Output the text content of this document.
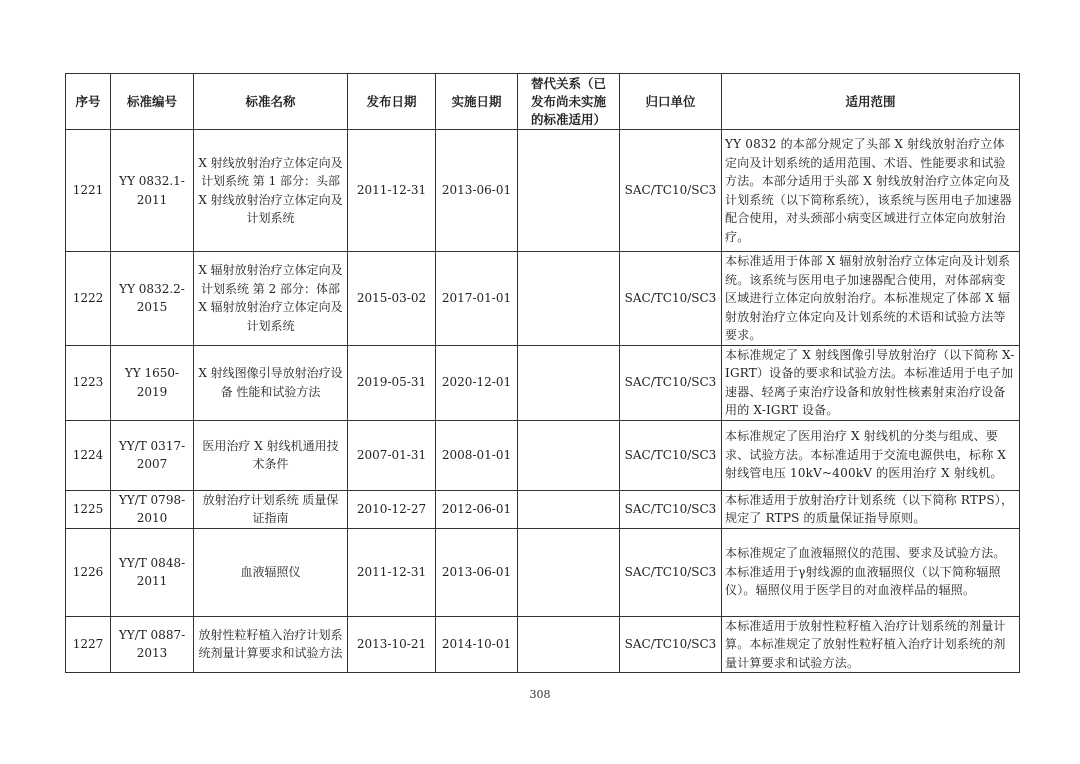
序号	标准编号	标准名称	发布日期	实施日期	替代关系（已发布尚未实施的标准适用）	归口单位	适用范围
1221	YY 0832.1-2011	X 射线放射治疗立体定向及计划系统 第 1 部分：头部 X 射线放射治疗立体定向及计划系统	2011-12-31	2013-06-01		SAC/TC10/SC3	YY 0832 的本部分规定了头部 X 射线放射治疗立体定向及计划系统的适用范围、术语、性能要求和试验方法。本部分适用于头部 X 射线放射治疗立体定向及计划系统（以下简称系统），该系统与医用电子加速器配合使用，对头颈部小病变区域进行立体定向放射治疗。
1222	YY 0832.2-2015	X 辐射放射治疗立体定向及计划系统 第 2 部分：体部 X 辐射放射治疗立体定向及计划系统	2015-03-02	2017-01-01		SAC/TC10/SC3	本标准适用于体部 X 辐射放射治疗立体定向及计划系统。该系统与医用电子加速器配合使用，对体部病变区域进行立体定向放射治疗。本标准规定了体部 X 辐射放射治疗立体定向及计划系统的术语和试验方法等要求。
1223	YY 1650-2019	X 射线图像引导放射治疗设备 性能和试验方法	2019-05-31	2020-12-01		SAC/TC10/SC3	本标准规定了 X 射线图像引导放射治疗（以下简称 X-IGRT）设备的要求和试验方法。本标准适用于电子加速器、轻离子束治疗设备和放射性核素射束治疗设备用的 X-IGRT 设备。
1224	YY/T 0317-2007	医用治疗 X 射线机通用技术条件	2007-01-31	2008-01-01		SAC/TC10/SC3	本标准规定了医用治疗 X 射线机的分类与组成、要求、试验方法。本标准适用于交流电源供电，标称 X 射线管电压 10kV~400kV 的医用治疗 X 射线机。
1225	YY/T 0798-2010	放射治疗计划系统 质量保证指南	2010-12-27	2012-06-01		SAC/TC10/SC3	本标准适用于放射治疗计划系统（以下简称 RTPS），规定了 RTPS 的质量保证指导原则。
1226	YY/T 0848-2011	血液辐照仪	2011-12-31	2013-06-01		SAC/TC10/SC3	本标准规定了血液辐照仪的范围、要求及试验方法。本标准适用于γ射线源的血液辐照仪（以下简称辐照仪）。辐照仪用于医学目的对血液样品的辐照。
1227	YY/T 0887-2013	放射性粒籽植入治疗计划系统剂量计算要求和试验方法	2013-10-21	2014-10-01		SAC/TC10/SC3	本标准适用于放射性粒籽植入治疗计划系统的剂量计算。本标准规定了放射性粒籽植入治疗计划系统的剂量计算要求和试验方法。
308
